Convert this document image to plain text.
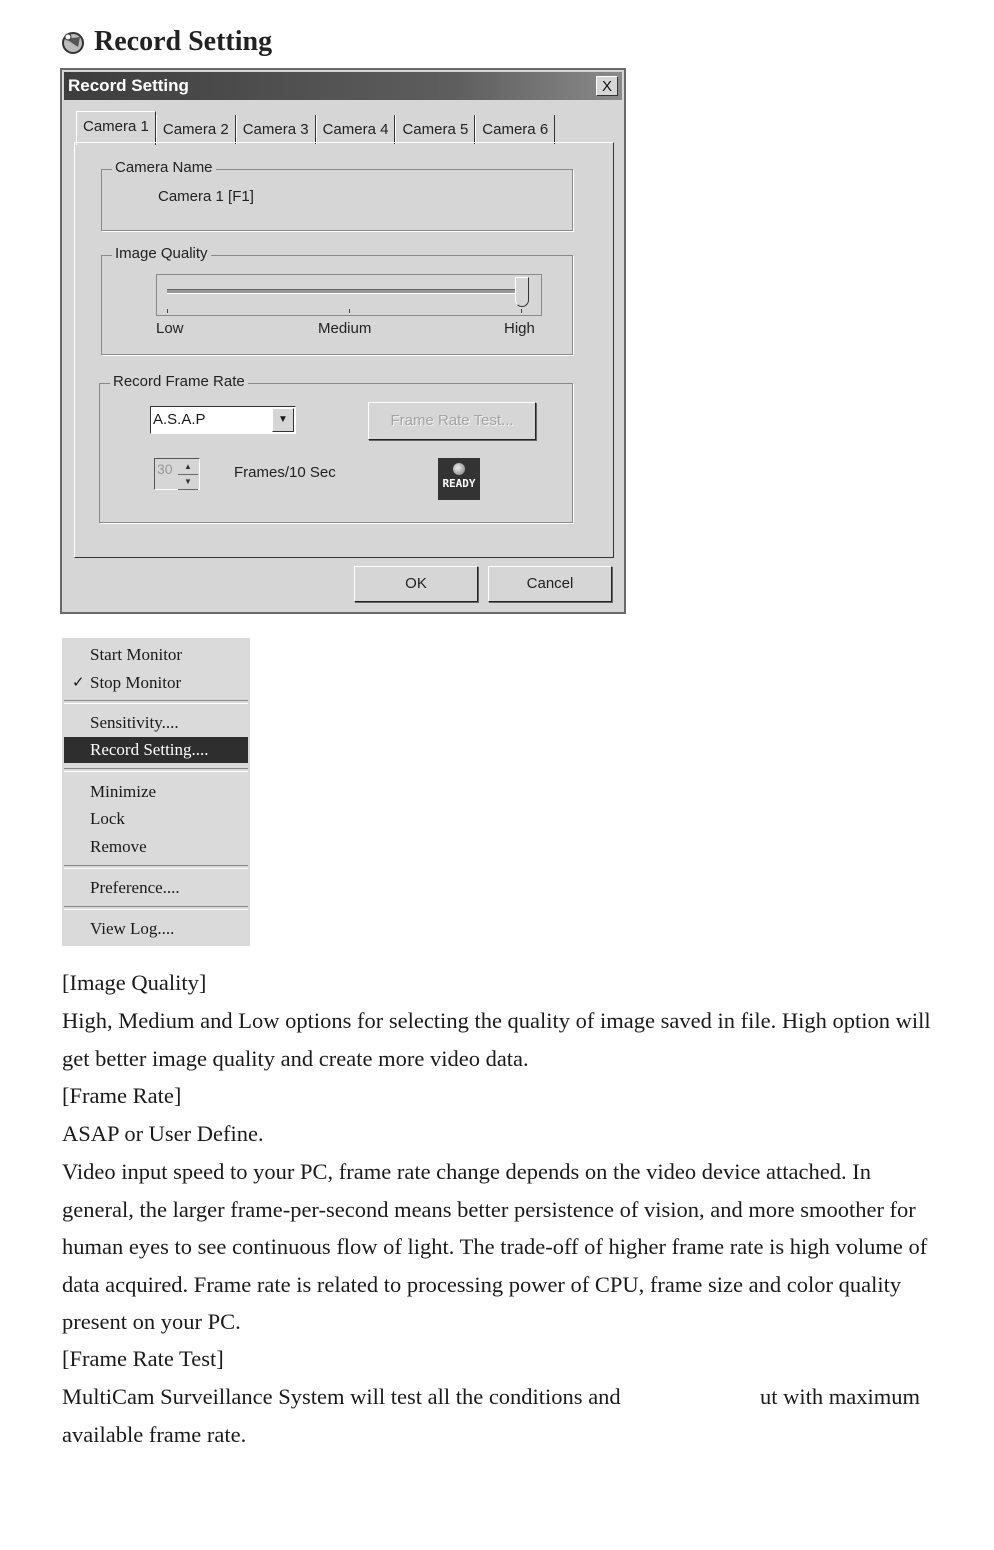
Record Setting
Record Setting	X
Camera 1 Camera 2 Camera 3 Camera 4 Camera 5 Camera 6
Camera Name
Camera 1 [F1]
Image Quality
Low	Medium	High
Record Frame Rate
A.S.A.P	▼	Frame Rate Test...
30	▲
▼
Frames/10 Sec
READY
OK	Cancel
Start Monitor
✓ Stop Monitor
Sensitivity....
Record Setting....
Minimize
Lock
Remove
Preference....
View Log....
[Image Quality]
High, Medium and Low options for selecting the quality of image saved in file. High option will get better image quality and create more video data.
[Frame Rate]
ASAP or User Define.
Video input speed to your PC, frame rate change depends on the video device attached. In general, the larger frame-per-second means better persistence of vision, and more smoother for human eyes to see continuous flow of light. The trade-off of higher frame rate is high volume of data acquired. Frame rate is related to processing power of CPU, frame size and color quality present on your PC.
[Frame Rate Test]
MultiCam Surveillance System will test all the conditions and	ut with maximum
available frame rate.
